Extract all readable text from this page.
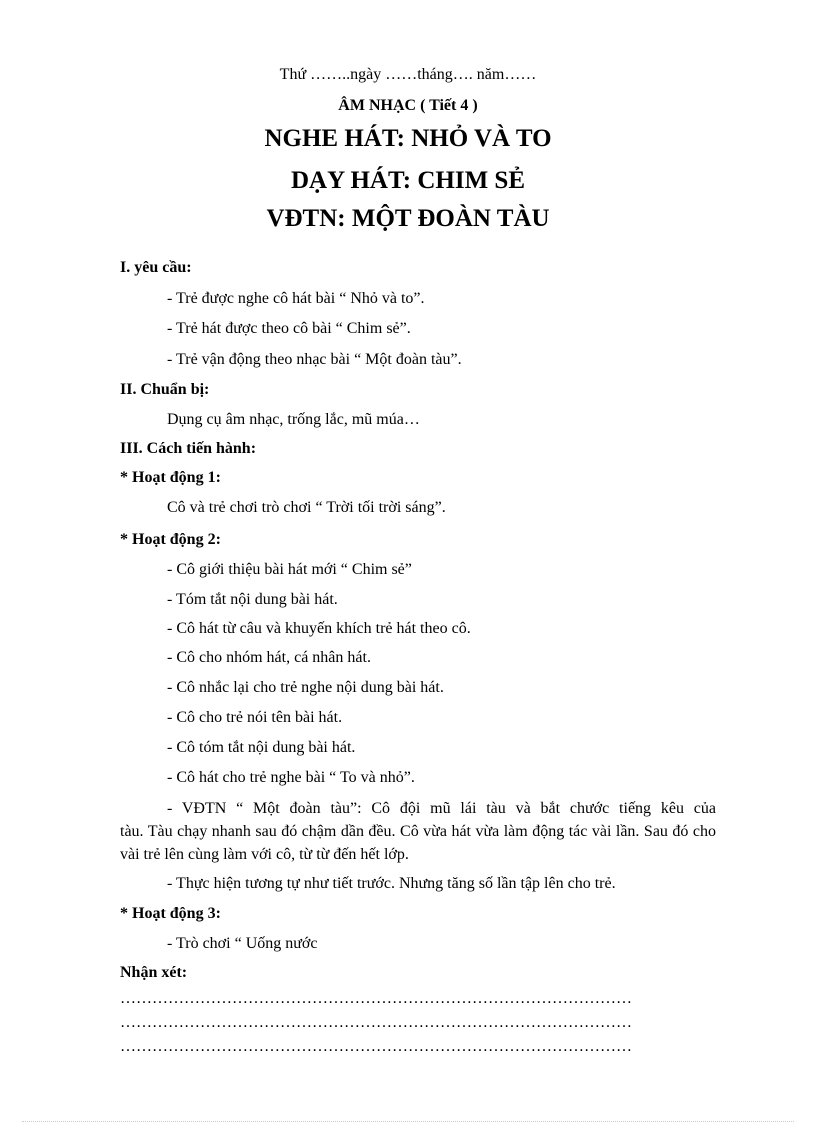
Thứ ……..ngày ……tháng…. năm……
ÂM NHẠC ( Tiết 4 )
NGHE HÁT: NHỎ VÀ TO
DẠY HÁT: CHIM SẺ
VĐTN: MỘT ĐOÀN TÀU
I. yêu cầu:
- Trẻ được nghe cô hát bài “ Nhỏ và to”.
- Trẻ hát được theo cô bài “ Chim sẻ”.
- Trẻ vận động theo nhạc bài “ Một đoàn tàu”.
II. Chuẩn bị:
Dụng cụ âm nhạc, trống lắc, mũ múa…
III. Cách tiến hành:
* Hoạt động 1:
Cô và trẻ chơi trò chơi “ Trời tối trời sáng”.
* Hoạt động 2:
- Cô giới thiệu bài hát mới “ Chim sẻ”
- Tóm tắt nội dung bài hát.
- Cô hát từ câu và khuyến khích trẻ hát theo cô.
- Cô cho nhóm hát, cá nhân hát.
- Cô nhắc lại cho trẻ nghe nội dung bài hát.
- Cô cho trẻ nói tên bài hát.
- Cô tóm tắt nội dung bài hát.
- Cô hát cho trẻ nghe bài “ To và nhỏ”.
- VĐTN “ Một đoàn tàu”: Cô đội mũ lái tàu và bắt chước tiếng kêu của
tàu. Tàu chạy nhanh sau đó chậm dần đều. Cô vừa hát vừa làm động tác vài lần. Sau đó cho vài trẻ lên cùng làm với cô, từ từ đến hết lớp.
- Thực hiện tương tự như tiết trước. Nhưng tăng số lần tập lên cho trẻ.
* Hoạt động 3:
- Trò chơi “ Uống nước
Nhận xét:
……………………………………………………………………………………
……………………………………………………………………………………
……………………………………………………………………………………
